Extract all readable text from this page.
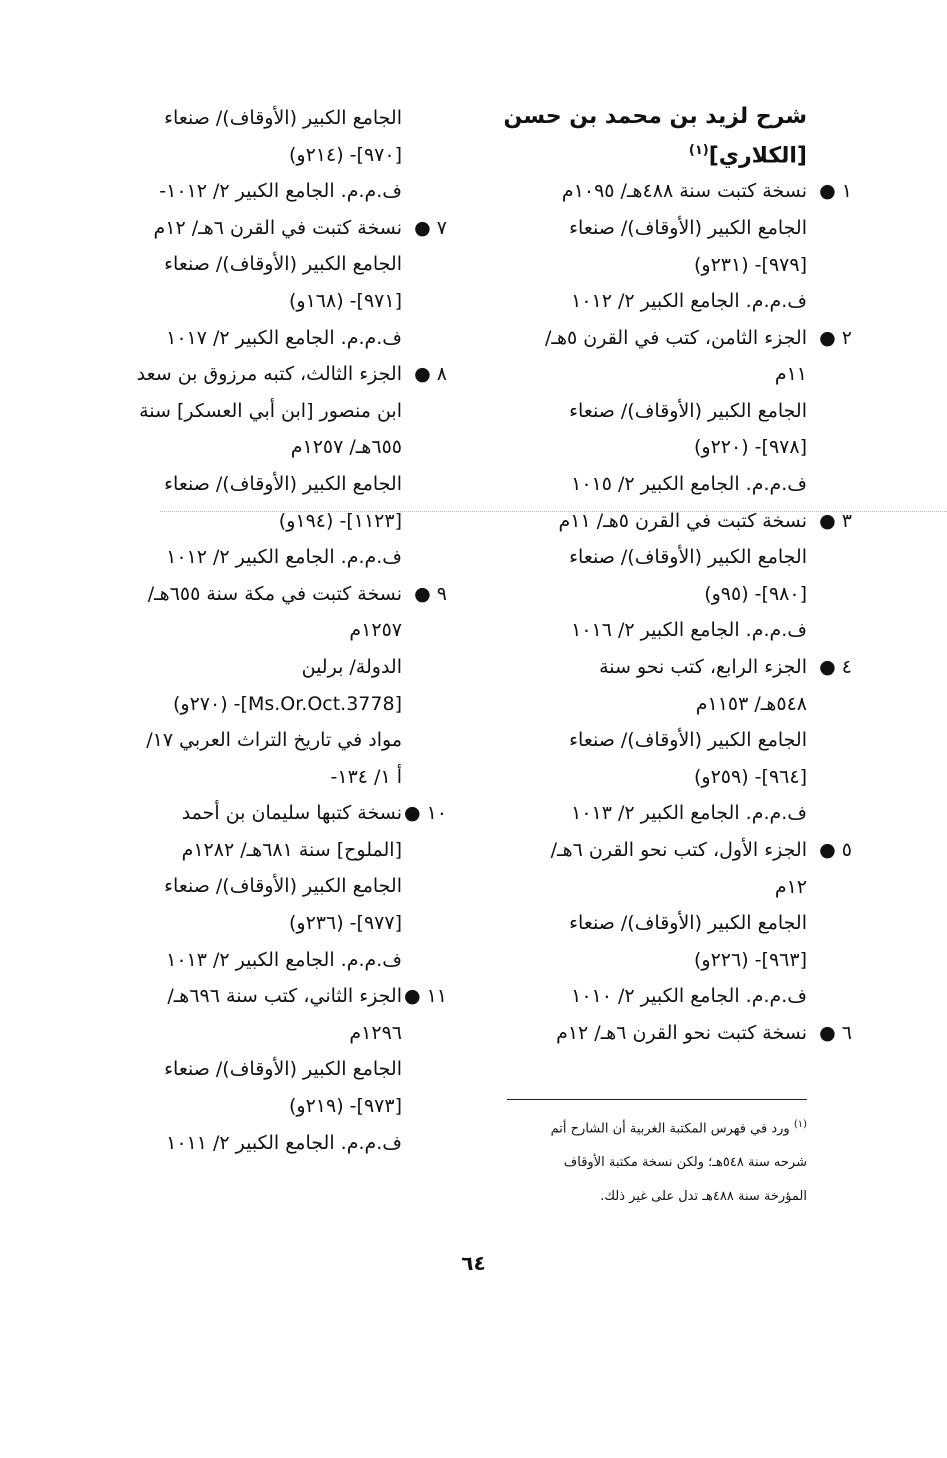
شرح لزيد بن محمد بن حسن
[الكلاري]$^{(١)}$
١ ●
نسخة كتبت سنة ٤٨٨هـ/ ١٠٩٥م
الجامع الكبير (الأوقاف)/ صنعاء
[٩٧٩]- (٢٣١و)
ف.م.م. الجامع الكبير ٢/ ١٠١٢
٢ ●
الجزء الثامن، كتب في القرن ٥هـ/
١١م
الجامع الكبير (الأوقاف)/ صنعاء
[٩٧٨]- (٢٢٠و)
ف.م.م. الجامع الكبير ٢/ ١٠١٥
٣ ●
نسخة كتبت في القرن ٥هـ/ ١١م
الجامع الكبير (الأوقاف)/ صنعاء
[٩٨٠]- (٩٥و)
ف.م.م. الجامع الكبير ٢/ ١٠١٦
٤ ●
الجزء الرابع، كتب نحو سنة
٥٤٨هـ/ ١١٥٣م
الجامع الكبير (الأوقاف)/ صنعاء
[٩٦٤]- (٢٥٩و)
ف.م.م. الجامع الكبير ٢/ ١٠١٣
٥ ●
الجزء الأول، كتب نحو القرن ٦هـ/
١٢م
الجامع الكبير (الأوقاف)/ صنعاء
[٩٦٣]- (٢٢٦و)
ف.م.م. الجامع الكبير ٢/ ١٠١٠
٦ ●
نسخة كتبت نحو القرن ٦هـ/ ١٢م
الجامع الكبير (الأوقاف)/ صنعاء
[٩٧٠]- (٢١٤و)
ف.م.م. الجامع الكبير ٢/ ١٠١٢-
٧ ●
نسخة كتبت في القرن ٦هـ/ ١٢م
الجامع الكبير (الأوقاف)/ صنعاء
[٩٧١]- (١٦٨و)
ف.م.م. الجامع الكبير ٢/ ١٠١٧
٨ ●
الجزء الثالث، كتبه مرزوق بن سعد
ابن منصور [ابن أبي العسكر] سنة
٦٥٥هـ/ ١٢٥٧م
الجامع الكبير (الأوقاف)/ صنعاء
[١١٢٣]- (١٩٤و)
ف.م.م. الجامع الكبير ٢/ ١٠١٢
٩ ●
نسخة كتبت في مكة سنة ٦٥٥هـ/
١٢٥٧م
الدولة/ برلين
[Ms.Or.Oct.3778]- (٢٧٠و)
مواد في تاريخ التراث العربي ١٧/
أ ١/ ١٣٤-
١٠ ●
نسخة كتبها سليمان بن أحمد
[الملوح] سنة ٦٨١هـ/ ١٢٨٢م
الجامع الكبير (الأوقاف)/ صنعاء
[٩٧٧]- (٢٣٦و)
ف.م.م. الجامع الكبير ٢/ ١٠١٣
١١ ●
الجزء الثاني، كتب سنة ٦٩٦هـ/
١٢٩٦م
الجامع الكبير (الأوقاف)/ صنعاء
[٩٧٣]- (٢١٩و)
ف.م.م. الجامع الكبير ٢/ ١٠١١
$^{(١)}$ ورد في فهرس المكتبة الغربية أن الشارح أتم
شرحه سنة ٥٤٨هـ؛ ولكن نسخة مكتبة الأوقاف
المؤرخة سنة ٤٨٨هـ تدل على غير ذلك.
٦٤
